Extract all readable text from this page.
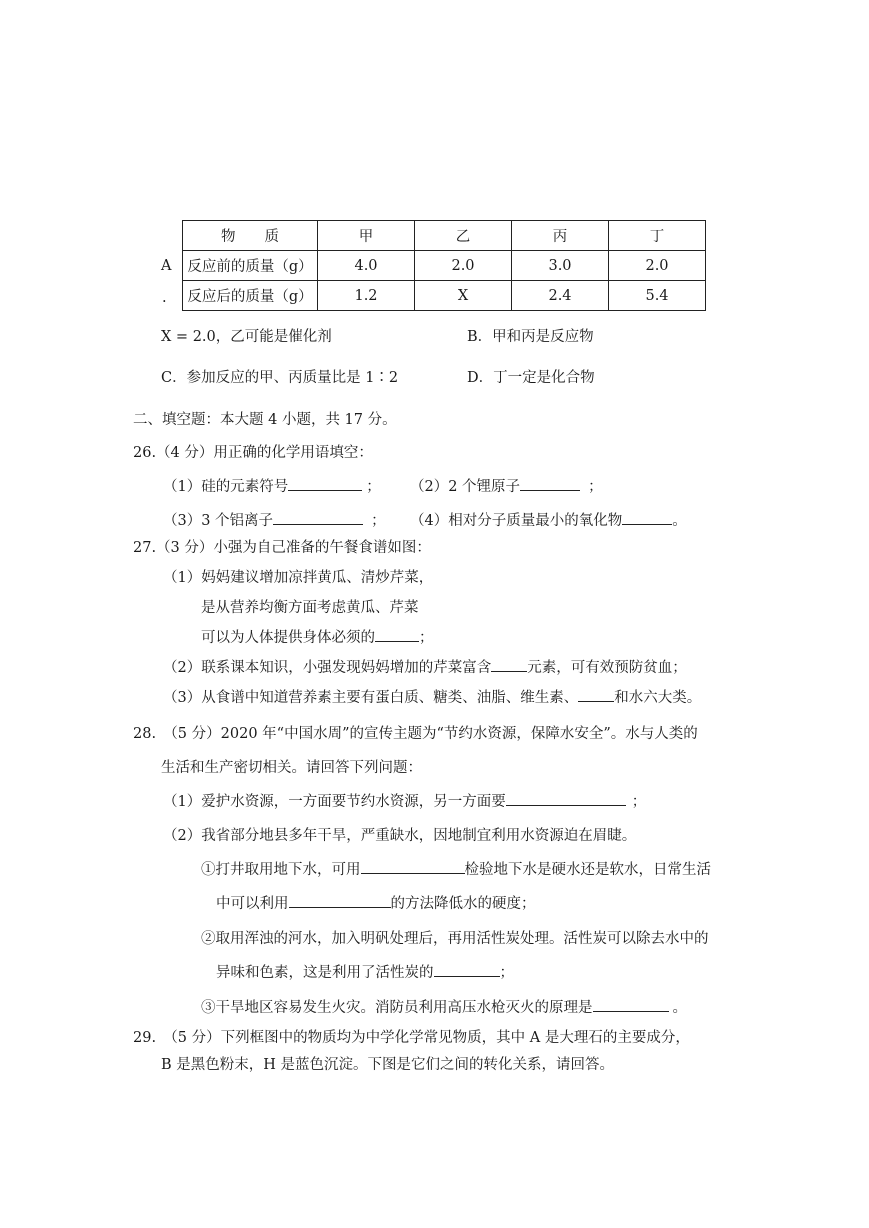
A
.
物　　质	甲	乙	丙	丁
反应前的质量（g）	4.0	2.0	3.0	2.0
反应后的质量（g）	1.2	X	2.4	5.4
X = 2.0，乙可能是催化剂	B．甲和丙是反应物
C．参加反应的甲、丙质量比是 1∶2	D．丁一定是化合物
二、填空题：本大题 4 小题，共 17 分。
26.（4 分）用正确的化学用语填空：
（1）硅的元素符号	； （2）2 个锂原子	；
（3）3 个铝离子	； （4）相对分子质量最小的氧化物	。
27.（3 分）小强为自己准备的午餐食谱如图：
（1）妈妈建议增加凉拌黄瓜、清炒芹菜，
是从营养均衡方面考虑黄瓜、芹菜
可以为人体提供身体必须的	；
（2）联系课本知识，小强发现妈妈增加的芹菜富含 元素，可有效预防贫血；
（3）从食谱中知道营养素主要有蛋白质、糖类、油脂、维生素、 和水六大类。
28.　（5 分）2020 年“中国水周”的宣传主题为“节约水资源，保障水安全”。水与人类的
生活和生产密切相关。请回答下列问题：
（1）爱护水资源，一方面要节约水资源，另一方面要	；
（2）我省部分地县多年干旱，严重缺水，因地制宜利用水资源迫在眉睫。
①打井取用地下水，可用	检验地下水是硬水还是软水，日常生活
中可以利用	的方法降低水的硬度；
②取用浑浊的河水，加入明矾处理后，再用活性炭处理。活性炭可以除去水中的
异味和色素，这是利用了活性炭的	；
③干旱地区容易发生火灾。消防员利用高压水枪灭火的原理是	。
29.　（5 分）下列框图中的物质均为中学化学常见物质，其中 A 是大理石的主要成分，
B 是黑色粉末，H 是蓝色沉淀。下图是它们之间的转化关系，请回答。
